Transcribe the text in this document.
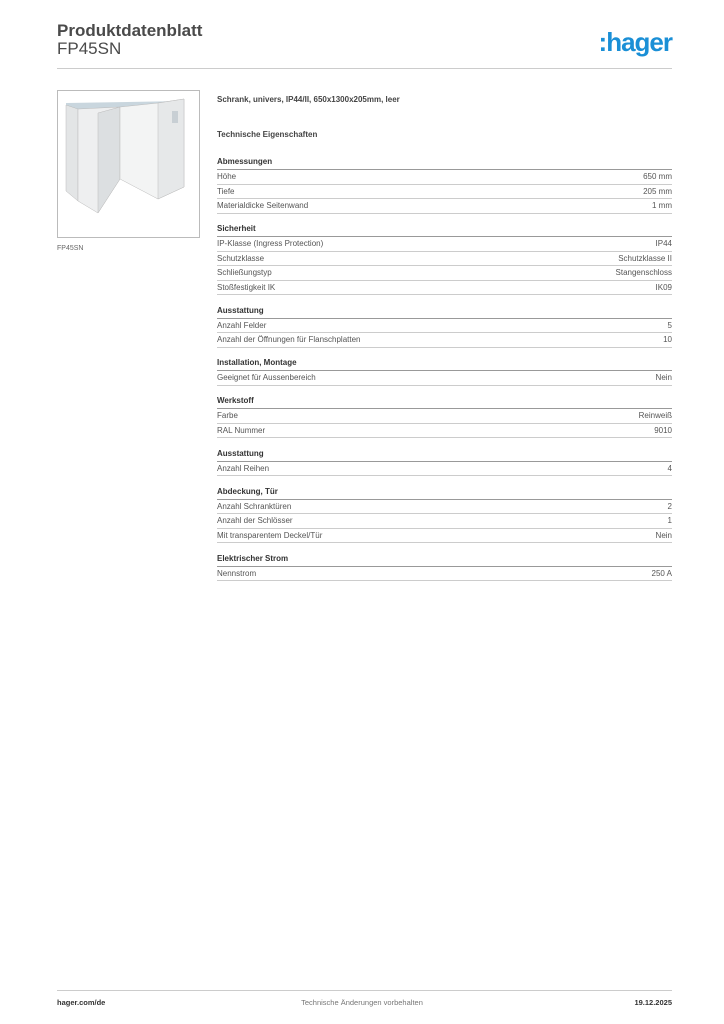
Produktdatenblatt
FP45SN	:hager
FP45SN
Schrank, univers, IP44/II, 650x1300x205mm, leer
Technische Eigenschaften
Abmessungen
Höhe	650 mm
Tiefe	205 mm
Materialdicke Seitenwand	1 mm
Sicherheit
IP-Klasse (Ingress Protection)	IP44
Schutzklasse	Schutzklasse II
Schließungstyp	Stangenschloss
Stoßfestigkeit IK	IK09
Ausstattung
Anzahl Felder	5
Anzahl der Öffnungen für Flanschplatten	10
Installation, Montage
Geeignet für Aussenbereich	Nein
Werkstoff
Farbe	Reinweiß
RAL Nummer	9010
Ausstattung
Anzahl Reihen	4
Abdeckung, Tür
Anzahl Schranktüren	2
Anzahl der Schlösser	1
Mit transparentem Deckel/Tür	Nein
Elektrischer Strom
Nennstrom	250 A
hager.com/de	Technische Änderungen vorbehalten	19.12.2025
